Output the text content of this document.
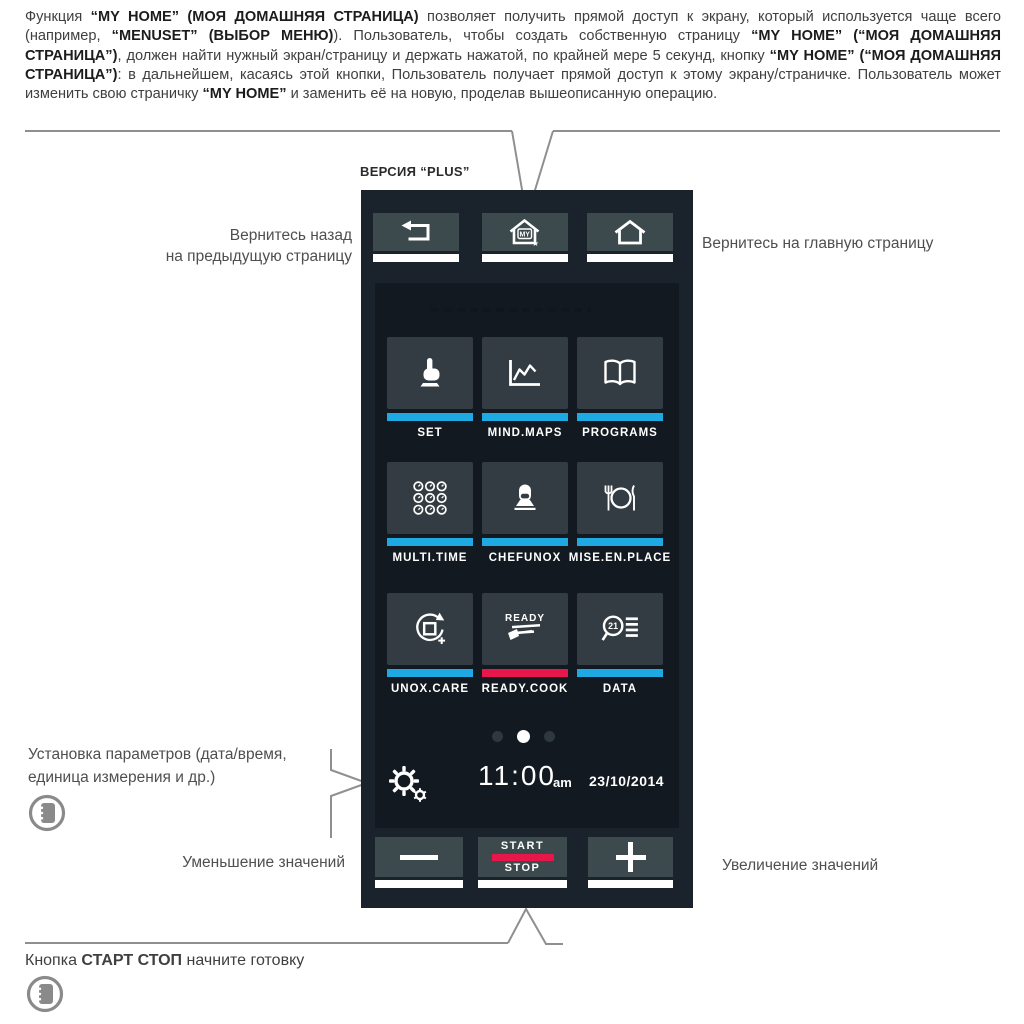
Функция “MY HOME” (МОЯ ДОМАШНЯЯ СТРАНИЦА) позволяет получить прямой доступ к экрану, который используется чаще всего (например, “MENUSET” (ВЫБОР МЕНЮ)). Пользователь, чтобы создать собственную страницу “MY HOME” (“МОЯ ДОМАШНЯЯ СТРАНИЦА”), должен найти нужный экран/страницу и держать нажатой, по крайней мере 5 секунд, кнопку “MY HOME” (“МОЯ ДОМАШНЯЯ СТРАНИЦА”): в дальнейшем, касаясь этой кнопки, Пользователь получает прямой доступ к этому экрану/страничке. Пользователь может изменить свою страничку “MY HOME” и заменить её на новую, проделав вышеописанную операцию.

ВЕРСИЯ “PLUS”
Вернитесь назад
на предыдущую страницу
Вернитесь на главную страницу
Установка параметров (дата/время,
единица измерения и др.)
Уменьшение значений	Увеличение значений
Кнопка СТАРТ СТОП начните готовку
MY
★
SET	MIND.MAPS	PROGRAMS
MULTI.TIME	CHEFUNOX MISE.EN.PLACE
UNOX.CARE
READY
READY.COOK
21
DATA
11:00
am 23/10/2014
START
STOP
